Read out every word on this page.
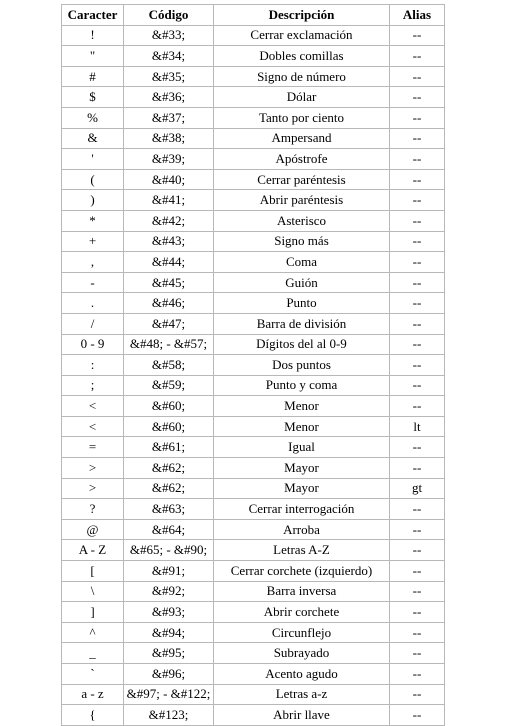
Caracter	Código	Descripción	Alias
!	&#33;	Cerrar exclamación	--
"	&#34;	Dobles comillas	--
#	&#35;	Signo de número	--
$	&#36;	Dólar	--
%	&#37;	Tanto por ciento	--
&	&#38;	Ampersand	--
'	&#39;	Apóstrofe	--
(	&#40;	Cerrar paréntesis	--
)	&#41;	Abrir paréntesis	--
*	&#42;	Asterisco	--
+	&#43;	Signo más	--
,	&#44;	Coma	--
-	&#45;	Guión	--
.	&#46;	Punto	--
/	&#47;	Barra de división	--
0 - 9	&#48; - &#57;	Dígitos del al 0-9	--
:	&#58;	Dos puntos	--
;	&#59;	Punto y coma	--
<	&#60;	Menor	--
<	&#60;	Menor	lt
=	&#61;	Igual	--
>	&#62;	Mayor	--
>	&#62;	Mayor	gt
?	&#63;	Cerrar interrogación	--
@	&#64;	Arroba	--
A - Z	&#65; - &#90;	Letras A-Z	--
[	&#91;	Cerrar corchete (izquierdo)	--
\	&#92;	Barra inversa	--
]	&#93;	Abrir corchete	--
^	&#94;	Circunflejo	--
_	&#95;	Subrayado	--
`	&#96;	Acento agudo	--
a - z	&#97; - &#122;	Letras a-z	--
{	&#123;	Abrir llave	--
